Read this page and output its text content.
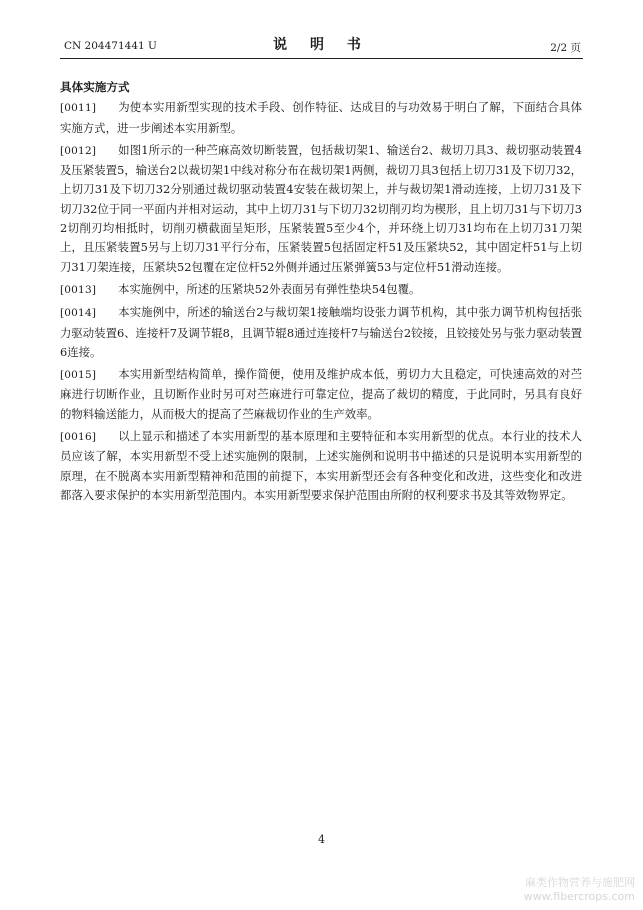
CN 204471441 U	说 明 书	2/2 页
具体实施方式

[0011] 为使本实用新型实现的技术手段、创作特征、达成目的与功效易于明白了解，下面结合具体实施方式，进一步阐述本实用新型。

[0012] 如图1所示的一种苎麻高效切断装置，包括裁切架1、输送台2、裁切刀具3、裁切驱动装置4及压紧装置5，输送台2以裁切架1中线对称分布在裁切架1两侧，裁切刀具3包括上切刀31及下切刀32，上切刀31及下切刀32分别通过裁切驱动装置4安装在裁切架上，并与裁切架1滑动连接，上切刀31及下切刀32位于同一平面内并相对运动，其中上切刀31与下切刀32切削刃均为楔形，且上切刀31与下切刀32切削刃均相抵时，切削刃横截面呈矩形，压紧装置5至少4个，并环绕上切刀31均布在上切刀31刀架上，且压紧装置5另与上切刀31平行分布，压紧装置5包括固定杆51及压紧块52，其中固定杆51与上切刀31刀架连接，压紧块52包覆在定位杆52外侧并通过压紧弹簧53与定位杆51滑动连接。

[0013] 本实施例中，所述的压紧块52外表面另有弹性垫块54包覆。

[0014] 本实施例中，所述的输送台2与裁切架1接触端均设张力调节机构，其中张力调节机构包括张力驱动装置6、连接杆7及调节辊8，且调节辊8通过连接杆7与输送台2铰接，且铰接处另与张力驱动装置6连接。

[0015] 本实用新型结构简单，操作简便，使用及维护成本低，剪切力大且稳定，可快速高效的对苎麻进行切断作业，且切断作业时另可对苎麻进行可靠定位，提高了裁切的精度，于此同时，另具有良好的物料输送能力，从而极大的提高了苎麻裁切作业的生产效率。

[0016] 以上显示和描述了本实用新型的基本原理和主要特征和本实用新型的优点。本行业的技术人员应该了解，本实用新型不受上述实施例的限制，上述实施例和说明书中描述的只是说明本实用新型的原理，在不脱离本实用新型精神和范围的前提下，本实用新型还会有各种变化和改进，这些变化和改进都落入要求保护的本实用新型范围内。本实用新型要求保护范围由所附的权利要求书及其等效物界定。

4
麻类作物营养与施肥网
www.fibercrops.com
